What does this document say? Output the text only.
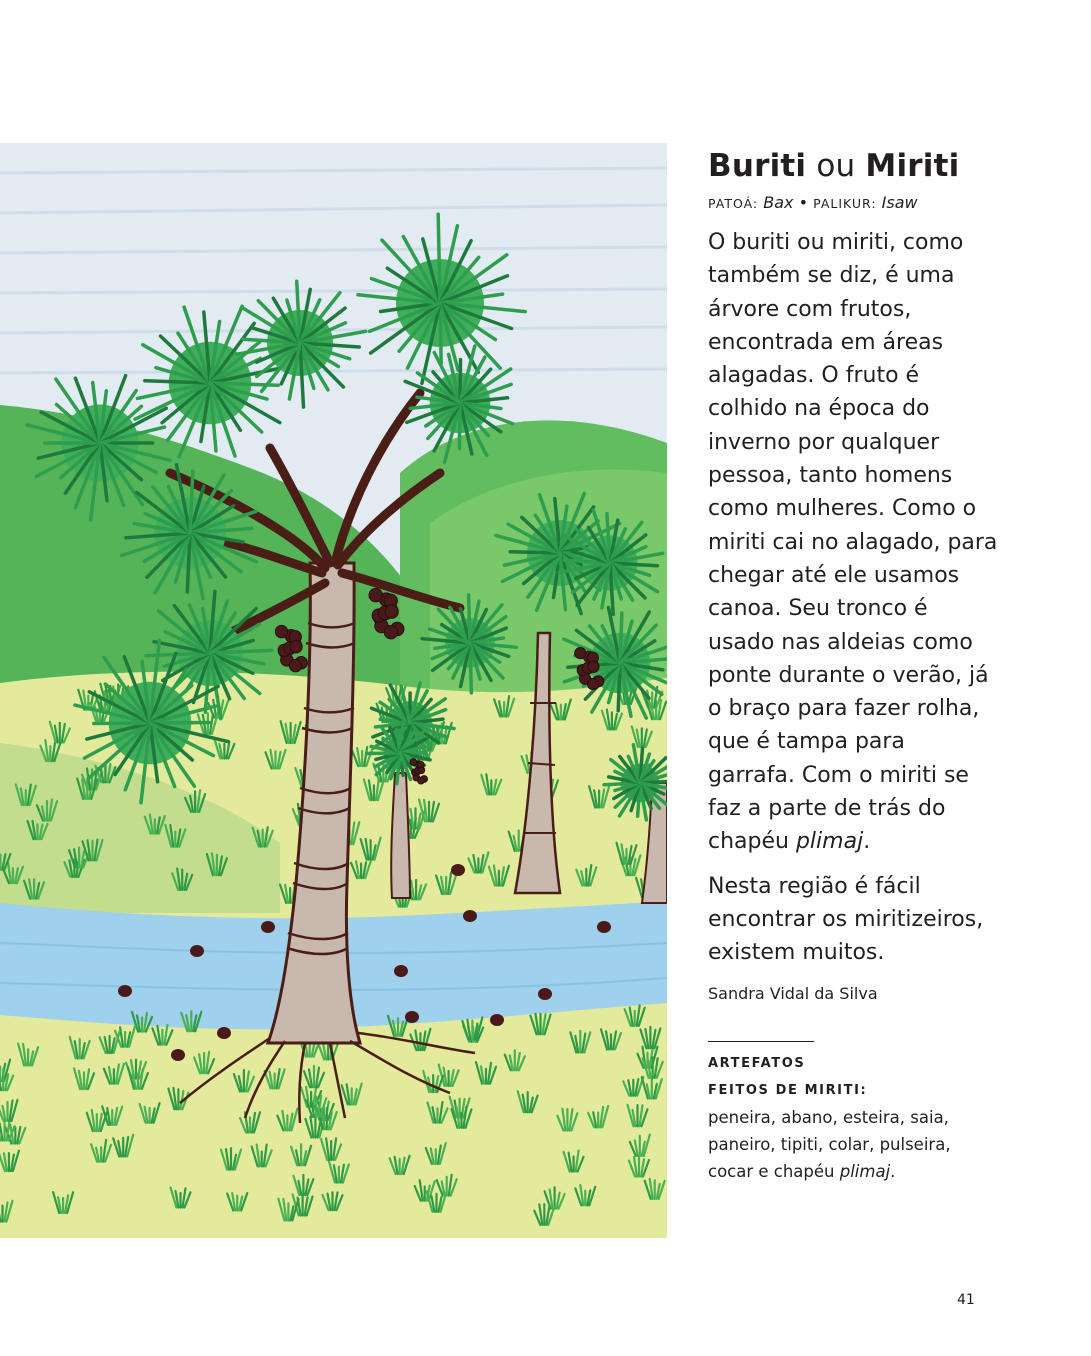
Buriti ou Miriti
PATOÁ: Bax • PALIKUR: Isaw

O buriti ou miriti, como também se diz, é uma árvore com frutos, encontrada em áreas alagadas. O fruto é colhido na época do inverno por qualquer pessoa, tanto homens como mulheres. Como o miriti cai no alagado, para chegar até ele usamos canoa. Seu tronco é usado nas aldeias como ponte durante o verão, já o braço para fazer rolha, que é tampa para garrafa. Com o miriti se faz a parte de trás do chapéu plimaj.

Nesta região é fácil encontrar os miritizeiros, existem muitos.

Sandra Vidal da Silva
ARTEFATOS
FEITOS DE MIRITI:
peneira, abano, esteira, saia, paneiro, tipiti, colar, pulseira, cocar e chapéu plimaj.
41
